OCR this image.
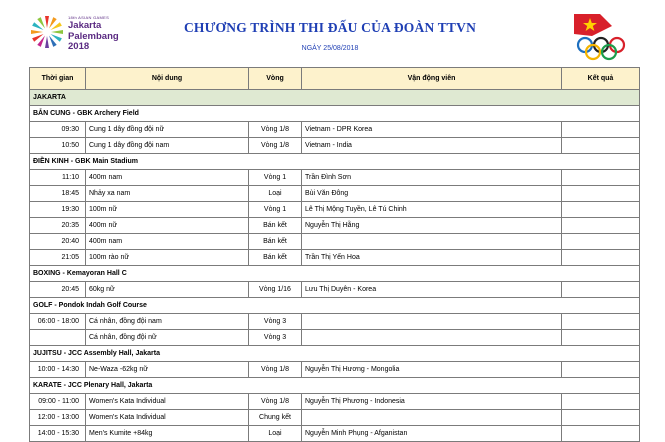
18th ASIAN GAMES
Jakarta
Palembang
2018
CHƯƠNG TRÌNH THI ĐẤU CỦA ĐOÀN TTVN
NGÀY 25/08/2018
Thời gian	Nội dung	Vòng	Vận động viên	Kết quả
JAKARTA				
BẮN CUNG - GBK Archery Field				
09:30	Cung 1 dây đồng đội nữ	Vòng 1/8	Vietnam - DPR Korea	
10:50	Cung 1 dây đồng đội nam	Vòng 1/8	Vietnam - India	
ĐIỀN KINH - GBK Main Stadium				
11:10	400m nam	Vòng 1	Trần Đình Sơn	
18:45	Nhảy xa nam	Loại	Bùi Văn Đông	
19:30	100m nữ	Vòng 1	Lê Thị Mộng Tuyền, Lê Tú Chinh	
20:35	400m nữ	Bán kết	Nguyễn Thị Hằng	
20:40	400m nam	Bán kết		
21:05	100m rào nữ	Bán kết	Trần Thị Yến Hoa	
BOXING - Kemayoran Hall C				
20:45	60kg nữ	Vòng 1/16	Lưu Thị Duyên - Korea	
GOLF - Pondok Indah Golf Course				
06:00 - 18:00	Cá nhân, đồng đội nam	Vòng 3		
	Cá nhân, đồng đội nữ	Vòng 3		
JUJITSU - JCC Assembly Hall, Jakarta				
10:00 - 14:30	Ne-Waza -62kg nữ	Vòng 1/8	Nguyễn Thị Hương - Mongolia	
KARATE - JCC Plenary Hall, Jakarta				
09:00 - 11:00	Women's Kata Individual	Vòng 1/8	Nguyễn Thị Phương - Indonesia	
12:00 - 13:00	Women's Kata Individual	Chung kết		
14:00 - 15:30	Men's Kumite +84kg	Loại	Nguyễn Minh Phụng - Afganistan	
